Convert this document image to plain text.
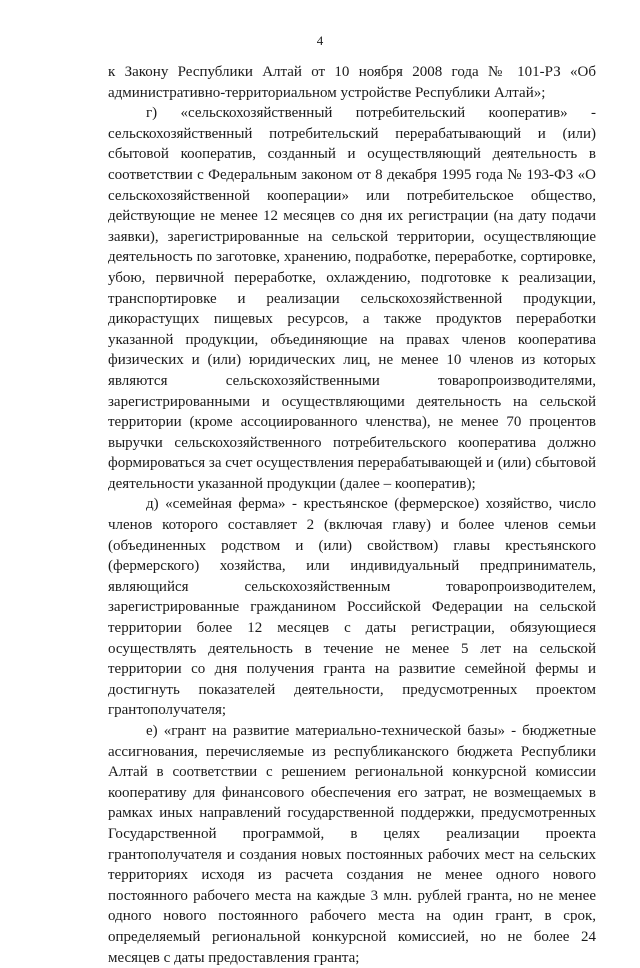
4

к Закону Республики Алтай от 10 ноября 2008 года № 101-РЗ «Об административно-территориальном устройстве Республики Алтай»;

г) «сельскохозяйственный потребительский кооператив» - сельскохозяйственный потребительский перерабатывающий и (или) сбытовой кооператив, созданный и осуществляющий деятельность в соответствии с Федеральным законом от 8 декабря 1995 года № 193-ФЗ «О сельскохозяйственной кооперации» или потребительское общество, действующие не менее 12 месяцев со дня их регистрации (на дату подачи заявки), зарегистрированные на сельской территории, осуществляющие деятельность по заготовке, хранению, подработке, переработке, сортировке, убою, первичной переработке, охлаждению, подготовке к реализации, транспортировке и реализации сельскохозяйственной продукции, дикорастущих пищевых ресурсов, а также продуктов переработки указанной продукции, объединяющие на правах членов кооператива физических и (или) юридических лиц, не менее 10 членов из которых являются сельскохозяйственными товаропроизводителями, зарегистрированными и осуществляющими деятельность на сельской территории (кроме ассоциированного членства), не менее 70 процентов выручки сельскохозяйственного потребительского кооператива должно формироваться за счет осуществления перерабатывающей и (или) сбытовой деятельности указанной продукции (далее – кооператив);

д) «семейная ферма» - крестьянское (фермерское) хозяйство, число членов которого составляет 2 (включая главу) и более членов семьи (объединенных родством и (или) свойством) главы крестьянского (фермерского) хозяйства, или индивидуальный предприниматель, являющийся сельскохозяйственным товаропроизводителем, зарегистрированные гражданином Российской Федерации на сельской территории более 12 месяцев с даты регистрации, обязующиеся осуществлять деятельность в течение не менее 5 лет на сельской территории со дня получения гранта на развитие семейной фермы и достигнуть показателей деятельности, предусмотренных проектом грантополучателя;

е) «грант на развитие материально-технической базы» - бюджетные ассигнования, перечисляемые из республиканского бюджета Республики Алтай в соответствии с решением региональной конкурсной комиссии кооперативу для финансового обеспечения его затрат, не возмещаемых в рамках иных направлений государственной поддержки, предусмотренных Государственной программой, в целях реализации проекта грантополучателя и создания новых постоянных рабочих мест на сельских территориях исходя из расчета создания не менее одного нового постоянного рабочего места на каждые 3 млн. рублей гранта, но не менее одного нового постоянного рабочего места на один грант, в срок, определяемый региональной конкурсной комиссией, но не более 24 месяцев с даты предоставления гранта;
